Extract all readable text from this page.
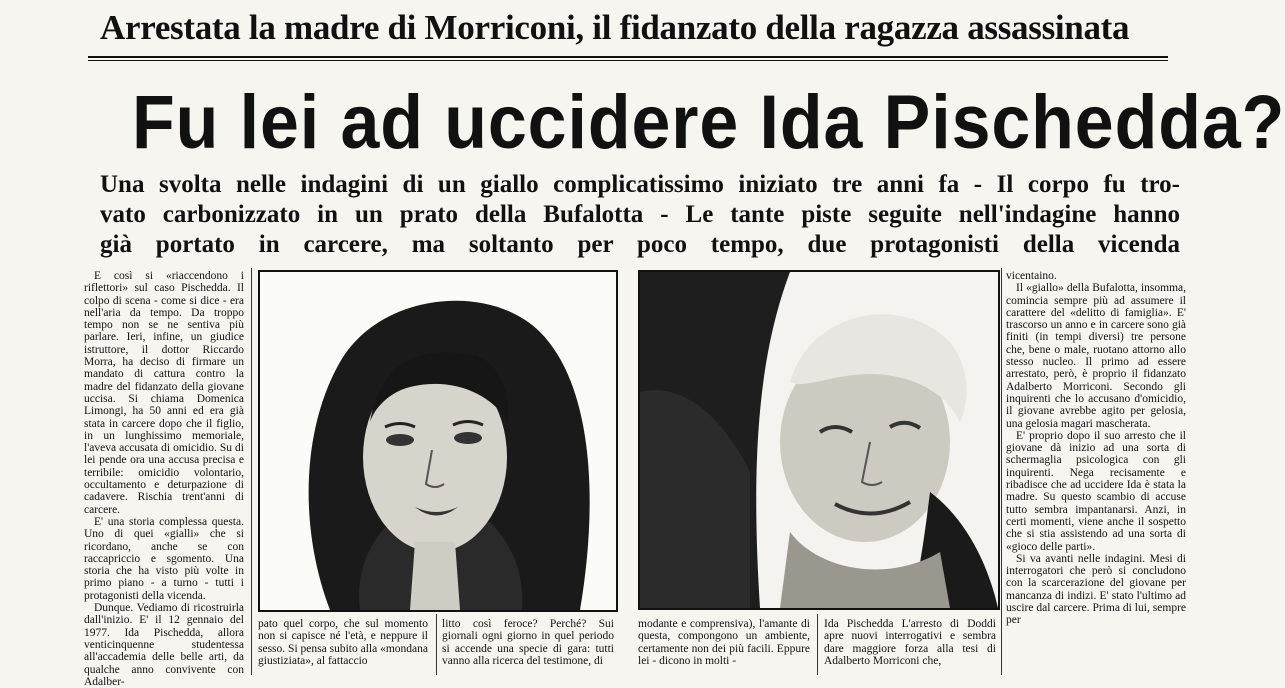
Arrestata la madre di Morriconi, il fidanzato della ragazza assassinata
Fu lei ad uccidere Ida Pischedda?
Una svolta nelle indagini di un giallo complicatissimo iniziato tre anni fa - Il corpo fu tro-
vato carbonizzato in un prato della Bufalotta - Le tante piste seguite nell'indagine hanno
già portato in carcere, ma soltanto per poco tempo, due protagonisti della vicenda

E così si «riaccendono i riflettori» sul caso Pischedda. Il colpo di scena - come si dice - era nell'aria da tempo. Da troppo tempo non se ne sentiva più parlare. Ieri, infine, un giudice istruttore, il dottor Riccardo Morra, ha deciso di firmare un mandato di cattura contro la madre del fidanzato della giovane uccisa. Si chiama Domenica Limongi, ha 50 anni ed era già stata in carcere dopo che il figlio, in un lunghissimo memoriale, l'aveva accusata di omicidio. Su di lei pende ora una accusa precisa e terribile: omicidio volontario, occultamento e deturpazione di cadavere. Rischia trent'anni di carcere.

E' una storia complessa questa. Uno di quei «gialli» che si ricordano, anche se con raccapriccio e sgomento. Una storia che ha visto più volte in primo piano - a turno - tutti i protagonisti della vicenda.

Dunque. Vediamo di ricostruirla dall'inizio. E' il 12 gennaio del 1977. Ida Pischedda, allora venticinquenne studentessa all'accademia delle belle arti, da qualche anno convivente con Adalber-

vicentaino.

Il «giallo» della Bufalotta, insomma, comincia sempre più ad assumere il carattere del «delitto di famiglia». E' trascorso un anno e in carcere sono già finiti (in tempi diversi) tre persone che, bene o male, ruotano attorno allo stesso nucleo. Il primo ad essere arrestato, però, è proprio il fidanzato Adalberto Morriconi. Secondo gli inquirenti che lo accusano d'omicidio, il giovane avrebbe agito per gelosia, una gelosia magari mascherata.

E' proprio dopo il suo arresto che il giovane dà inizio ad una sorta di schermaglia psicologica con gli inquirenti. Nega recisamente e ribadisce che ad uccidere Ida è stata la madre. Su questo scambio di accuse tutto sembra impantanarsi. Anzi, in certi momenti, viene anche il sospetto che si stia assistendo ad una sorta di «gioco delle parti».

Si va avanti nelle indagini. Mesi di interrogatori che però si concludono con la scarcerazione del giovane per mancanza di indizi. E' stato l'ultimo ad uscire dal carcere. Prima di lui, sempre per

pato quel corpo, che sul momento non si capisce né l'età, e neppure il sesso. Si pensa subito alla «mondana giustiziata», al fattaccio

litto così feroce? Perché? Sui giornali ogni giorno in quel periodo si accende una specie di gara: tutti vanno alla ricerca del testimone, di

modante e comprensiva), l'amante di questa, compongono un ambiente, certamente non dei più facili. Eppure lei - dicono in molti -

Ida Pischedda L'arresto di Doddi apre nuovi interrogativi e sembra dare maggiore forza alla tesi di Adalberto Morriconi che,
